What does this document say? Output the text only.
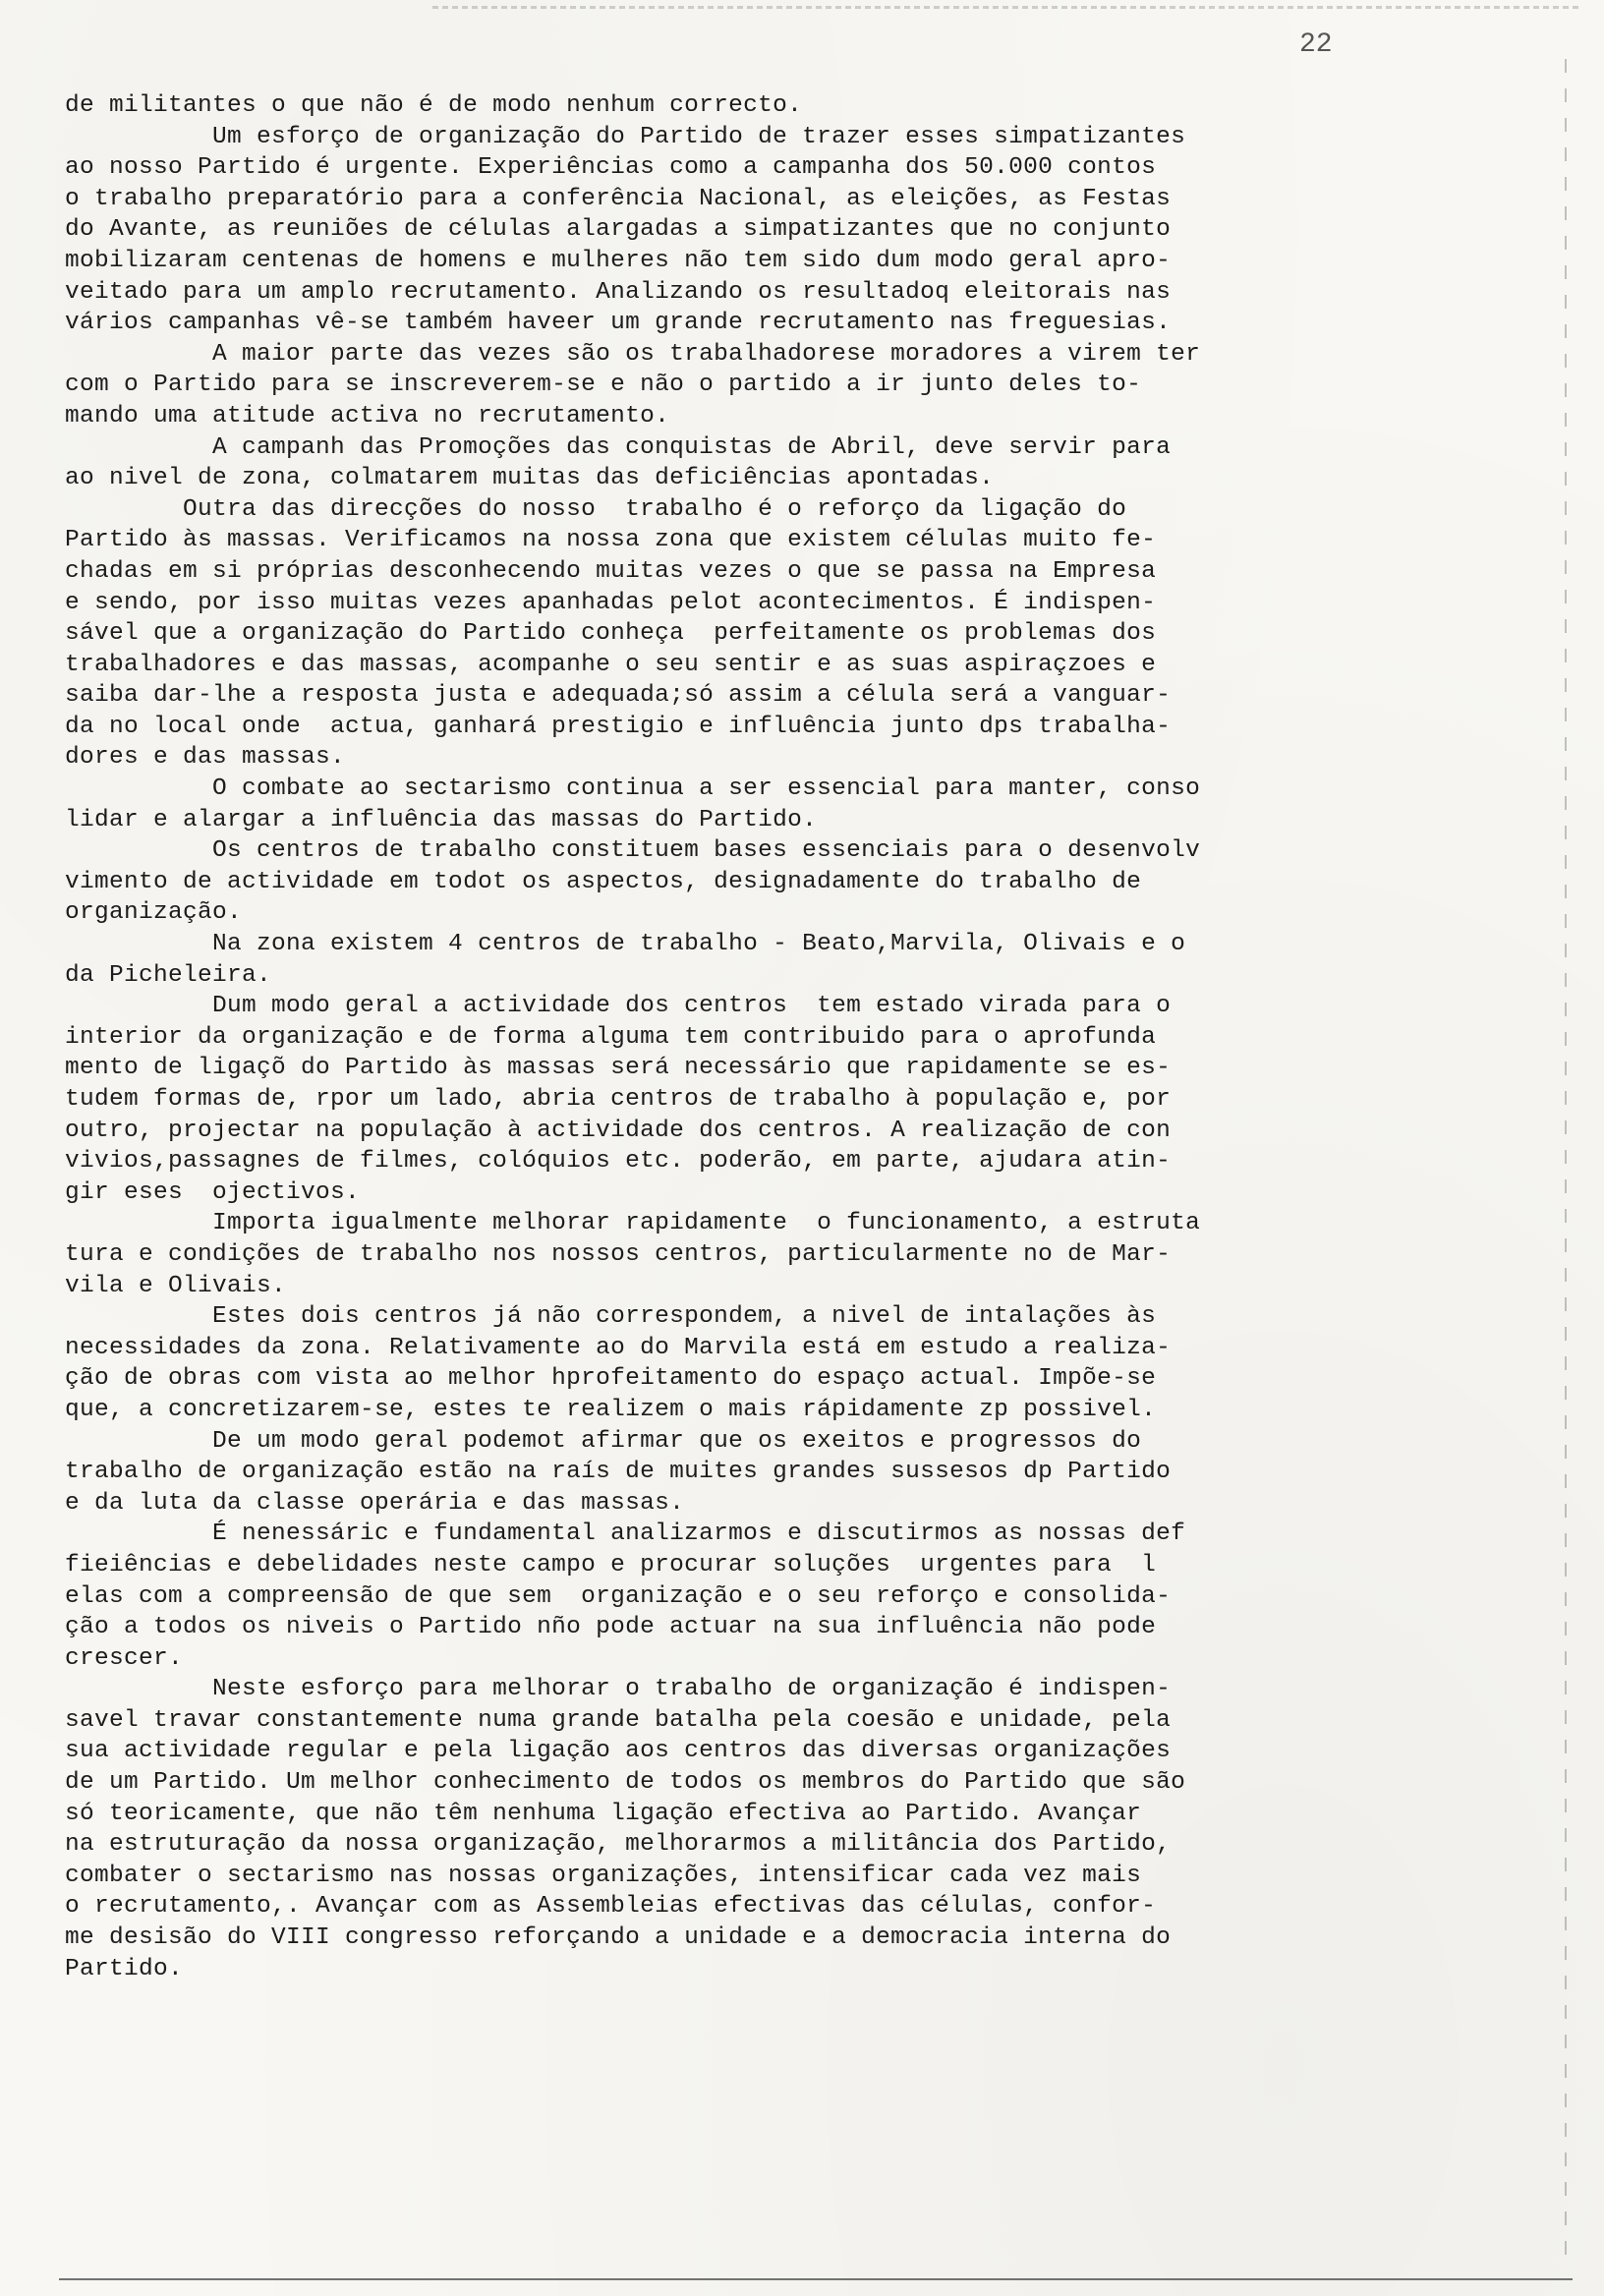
22
de militantes o que não é de modo nenhum correcto.
Um esforço de organização do Partido de trazer esses simpatizantes
ao nosso Partido é urgente. Experiências como a campanha dos 50.000 contos
o trabalho preparatório para a conferência Nacional, as eleições, as Festas
do Avante, as reuniões de células alargadas a simpatizantes que no conjunto
mobilizaram centenas de homens e mulheres não tem sido dum modo geral apro-
veitado para um amplo recrutamento. Analizando os resultadoq eleitorais nas
vários campanhas vê-se também haveer um grande recrutamento nas freguesias.
A maior parte das vezes são os trabalhadorese moradores a virem ter
com o Partido para se inscreverem-se e não o partido a ir junto deles to-
mando uma atitude activa no recrutamento.
A campanh das Promoções das conquistas de Abril, deve servir para
ao nivel de zona, colmatarem muitas das deficiências apontadas.
Outra das direcções do nosso  trabalho é o reforço da ligação do
Partido às massas. Verificamos na nossa zona que existem células muito fe-
chadas em si próprias desconhecendo muitas vezes o que se passa na Empresa
e sendo, por isso muitas vezes apanhadas pelot acontecimentos. É indispen-
sável que a organização do Partido conheça  perfeitamente os problemas dos
trabalhadores e das massas, acompanhe o seu sentir e as suas aspiraçzoes e
saiba dar-lhe a resposta justa e adequada;só assim a célula será a vanguar-
da no local onde  actua, ganhará prestigio e influência junto dps trabalha-
dores e das massas.
O combate ao sectarismo continua a ser essencial para manter, conso
lidar e alargar a influência das massas do Partido.
Os centros de trabalho constituem bases essenciais para o desenvolv
vimento de actividade em todot os aspectos, designadamente do trabalho de
organização.
Na zona existem 4 centros de trabalho - Beato,Marvila, Olivais e o
da Picheleira.
Dum modo geral a actividade dos centros  tem estado virada para o
interior da organização e de forma alguma tem contribuido para o aprofunda
mento de ligaçõ do Partido às massas será necessário que rapidamente se es-
tudem formas de, rpor um lado, abria centros de trabalho à população e, por
outro, projectar na população à actividade dos centros. A realização de con
vivios,passagnes de filmes, colóquios etc. poderão, em parte, ajudara atin-
gir eses  ojectivos.
Importa igualmente melhorar rapidamente  o funcionamento, a estruta
tura e condições de trabalho nos nossos centros, particularmente no de Mar-
vila e Olivais.
Estes dois centros já não correspondem, a nivel de intalações às
necessidades da zona. Relativamente ao do Marvila está em estudo a realiza-
ção de obras com vista ao melhor hprofeitamento do espaço actual. Impõe-se
que, a concretizarem-se, estes te realizem o mais rápidamente zp possivel.
De um modo geral podemot afirmar que os exeitos e progressos do
trabalho de organização estão na raís de muites grandes sussesos dp Partido
e da luta da classe operária e das massas.
É nenessáric e fundamental analizarmos e discutirmos as nossas def
fieiências e debelidades neste campo e procurar soluções  urgentes para  l
elas com a compreensão de que sem  organização e o seu reforço e consolida-
ção a todos os niveis o Partido nño pode actuar na sua influência não pode
crescer.
Neste esforço para melhorar o trabalho de organização é indispen-
savel travar constantemente numa grande batalha pela coesão e unidade, pela
sua actividade regular e pela ligação aos centros das diversas organizações
de um Partido. Um melhor conhecimento de todos os membros do Partido que são
só teoricamente, que não têm nenhuma ligação efectiva ao Partido. Avançar
na estruturação da nossa organização, melhorarmos a militância dos Partido,
combater o sectarismo nas nossas organizações, intensificar cada vez mais
o recrutamento,. Avançar com as Assembleias efectivas das células, confor-
me desisão do VIII congresso reforçando a unidade e a democracia interna do
Partido.
